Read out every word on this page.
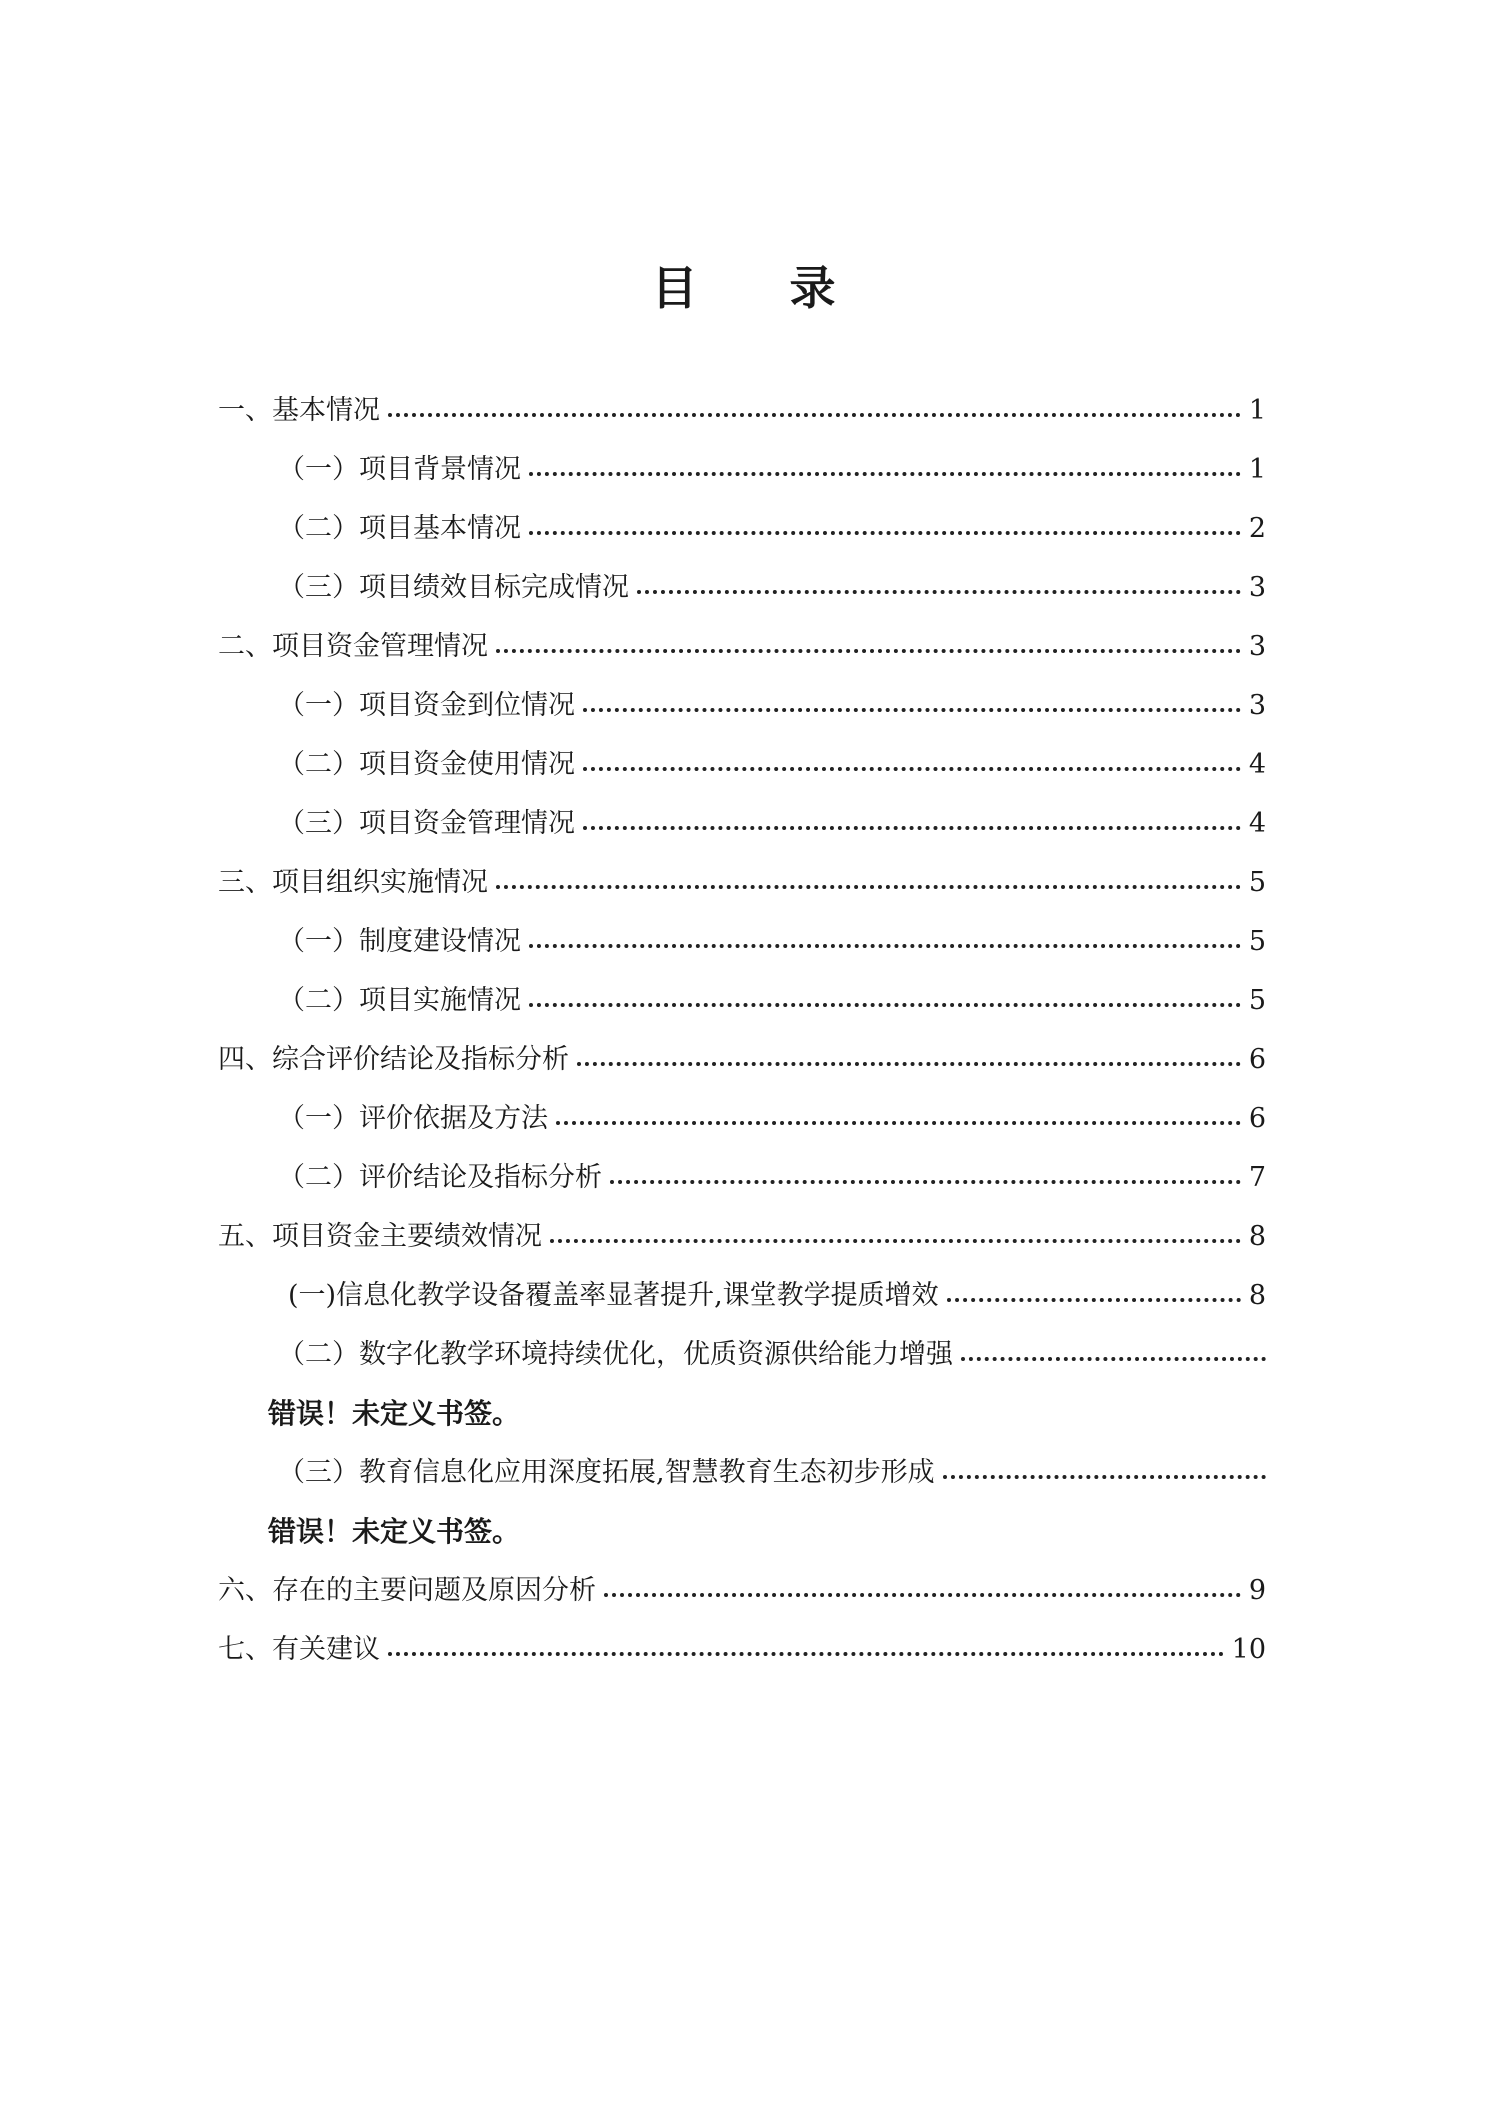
目 录
一、基本情况	1
（一）项目背景情况	1
（二）项目基本情况	2
（三）项目绩效目标完成情况	3
二、项目资金管理情况	3
（一）项目资金到位情况	3
（二）项目资金使用情况	4
（三）项目资金管理情况	4
三、项目组织实施情况	5
（一）制度建设情况	5
（二）项目实施情况	5
四、综合评价结论及指标分析	6
（一）评价依据及方法	6
（二）评价结论及指标分析	7
五、项目资金主要绩效情况	8
(一)信息化教学设备覆盖率显著提升,课堂教学提质增效	8
（二）数字化教学环境持续优化，优质资源供给能力增强
错误！未定义书签。
（三）教育信息化应用深度拓展,智慧教育生态初步形成
错误！未定义书签。
六、存在的主要问题及原因分析	9
七、有关建议	10
